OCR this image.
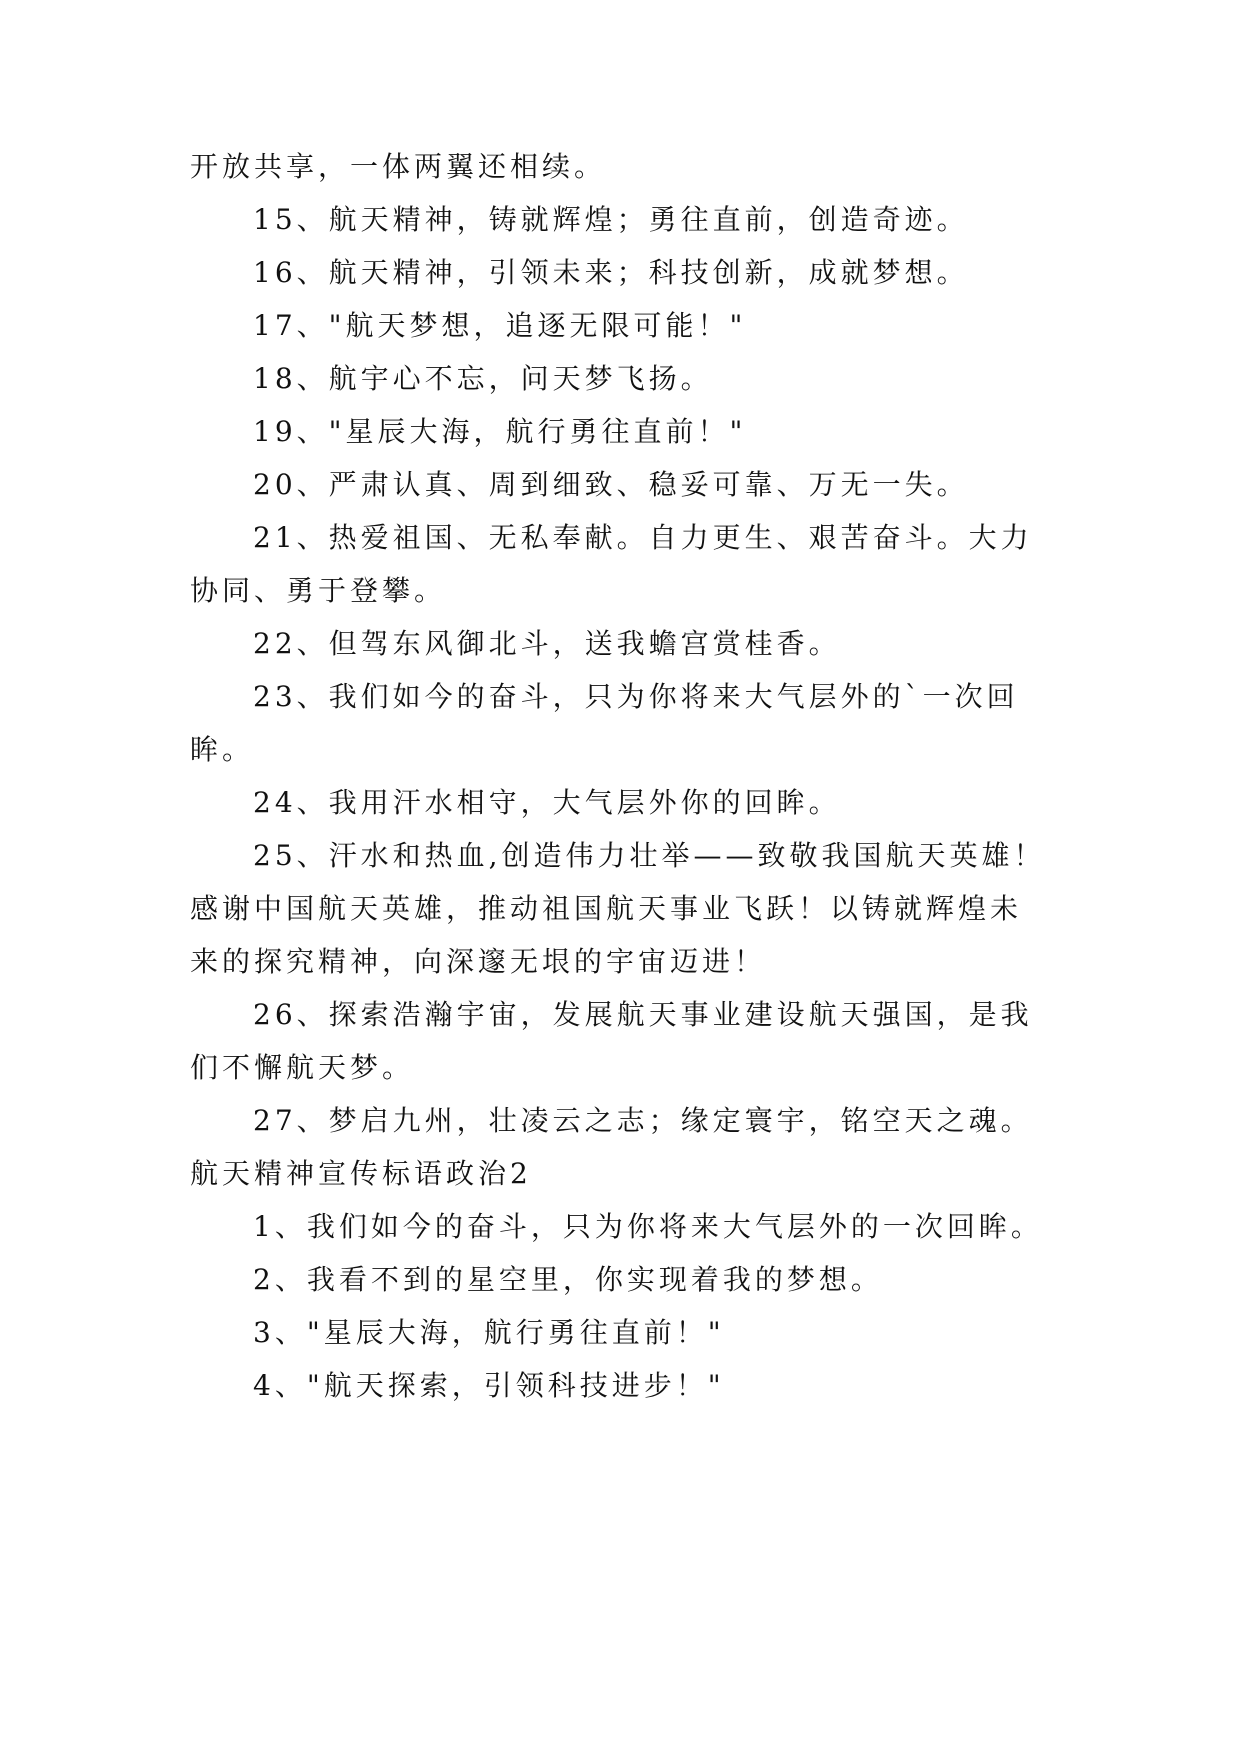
开放共享，一体两翼还相续。
15、航天精神，铸就辉煌；勇往直前，创造奇迹。
16、航天精神，引领未来；科技创新，成就梦想。
17、"航天梦想，追逐无限可能！"
18、航宇心不忘，问天梦飞扬。
19、"星辰大海，航行勇往直前！"
20、严肃认真、周到细致、稳妥可靠、万无一失。
21、热爱祖国、无私奉献。自力更生、艰苦奋斗。大力
协同、勇于登攀。
22、但驾东风御北斗，送我蟾宫赏桂香。
23、我们如今的奋斗，只为你将来大气层外的`一次回
眸。
24、我用汗水相守，大气层外你的回眸。
25、汗水和热血,创造伟力壮举——致敬我国航天英雄！
感谢中国航天英雄，推动祖国航天事业飞跃！以铸就辉煌未
来的探究精神，向深邃无垠的宇宙迈进！
26、探索浩瀚宇宙，发展航天事业建设航天强国，是我
们不懈航天梦。
27、梦启九州，壮凌云之志；缘定寰宇，铭空天之魂。
航天精神宣传标语政治2
1、我们如今的奋斗，只为你将来大气层外的一次回眸。
2、我看不到的星空里，你实现着我的梦想。
3、"星辰大海，航行勇往直前！"
4、"航天探索，引领科技进步！"
